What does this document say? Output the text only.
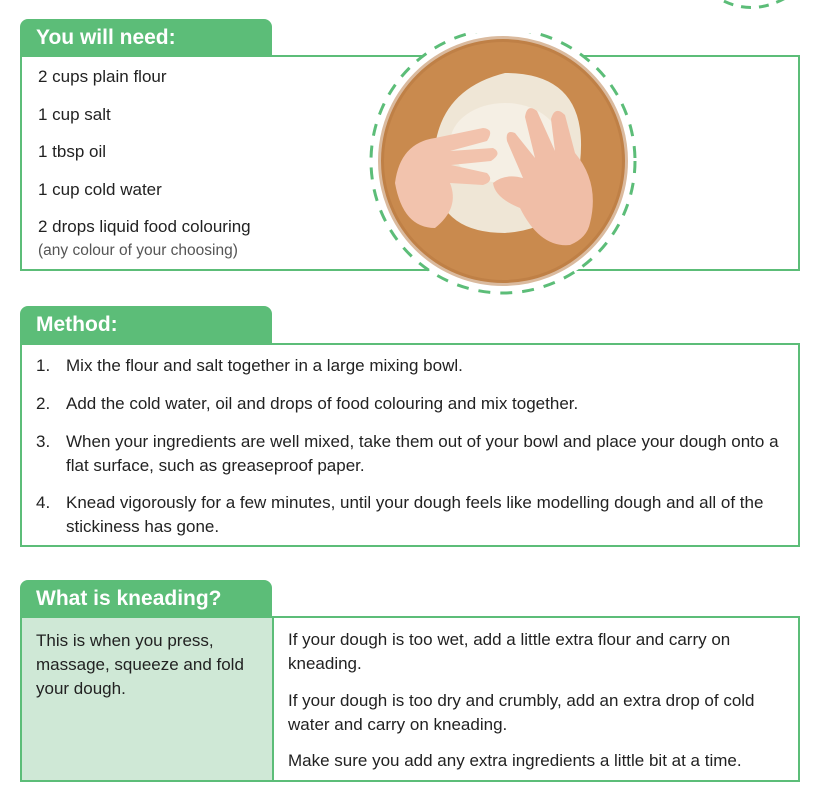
You will need:
2 cups plain flour
1 cup salt
1 tbsp oil
1 cup cold water
2 drops liquid food colouring
(any colour of your choosing)
Method:
1. Mix the flour and salt together in a large mixing bowl.
2. Add the cold water, oil and drops of food colouring and mix together.
3. When your ingredients are well mixed, take them out of your bowl and place your dough onto a flat surface, such as greaseproof paper.
4. Knead vigorously for a few minutes, until your dough feels like modelling dough and all of the stickiness has gone.
What is kneading?
This is when you press, massage, squeeze and fold your dough.
If your dough is too wet, add a little extra flour and carry on kneading.
If your dough is too dry and crumbly, add an extra drop of cold water and carry on kneading.
Make sure you add any extra ingredients a little bit at a time.
